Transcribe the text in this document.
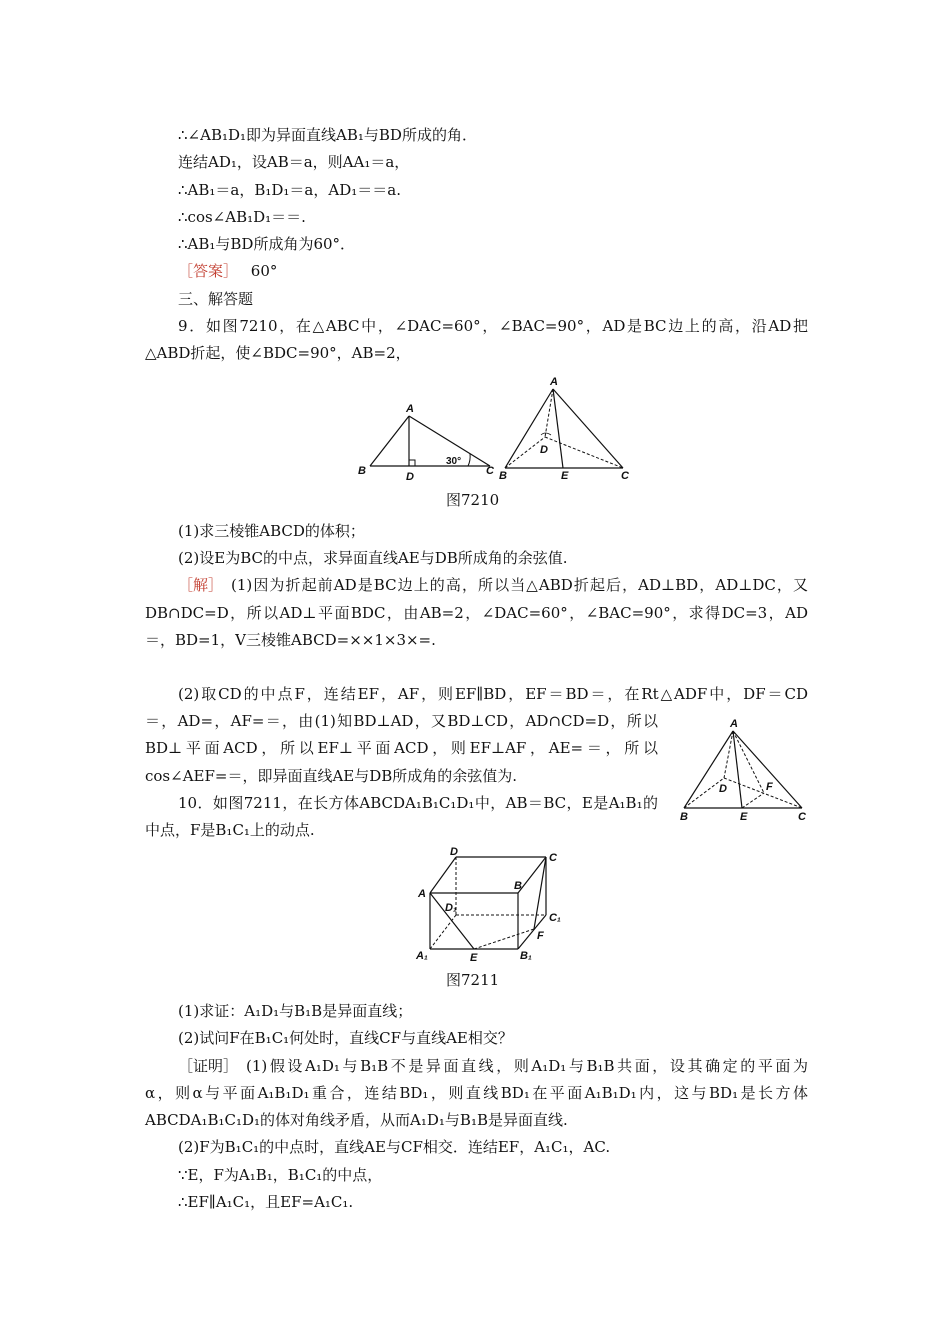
∴∠AB₁D₁即为异面直线AB₁与BD所成的角．
连结AD₁，设AB＝a，则AA₁＝a，
∴AB₁＝a，B₁D₁＝a，AD₁＝＝a.
∴cos∠AB₁D₁＝＝.
∴AB₁与BD所成角为60°．
［答案］ 60°
三、解答题
9．如图7210，在△ABC中，∠DAC=60°，∠BAC=90°，AD是BC边上的高，沿AD把
△ABD折起，使∠BDC=90°，AB=2，
A
B	C
D
30°
A
B	C
D
E
图7210
(1)求三棱锥ABCD的体积；
(2)设E为BC的中点，求异面直线AE与DB所成角的余弦值.
［解］ (1)因为折起前AD是BC边上的高，所以当△ABD折起后，AD⊥BD，AD⊥DC，又
DB∩DC=D，所以AD⊥平面BDC，由AB=2，∠DAC=60°，∠BAC=90°，求得DC=3，AD
＝，BD=1，V三棱锥ABCD=××1×3×=.
(2)取CD的中点F，连结EF，AF，则EF∥BD，EF＝BD＝，在Rt△ADF中，DF＝CD
＝，AD=，AF=＝，由(1)知BD⊥AD，又BD⊥CD，AD∩CD=D，所以
BD⊥平面ACD，所以EF⊥平面ACD，则EF⊥AF，AE=＝，所以
cos∠AEF=＝，即异面直线AE与DB所成角的余弦值为.
A
B	C
D
E
F
10．如图7211，在长方体ABCDA₁B₁C₁D₁中，AB＝BC，E是A₁B₁的
中点，F是B₁C₁上的动点.
A
B
C
D
A₁	B₁
C₁
D₁
E
F
图7211
(1)求证：A₁D₁与B₁B是异面直线；
(2)试问F在B₁C₁何处时，直线CF与直线AE相交？
［证明］ (1)假设A₁D₁与B₁B不是异面直线，则A₁D₁与B₁B共面，设其确定的平面为
α，则α与平面A₁B₁D₁重合，连结BD₁，则直线BD₁在平面A₁B₁D₁内，这与BD₁是长方体
ABCDA₁B₁C₁D₁的体对角线矛盾，从而A₁D₁与B₁B是异面直线.
(2)F为B₁C₁的中点时，直线AE与CF相交．连结EF，A₁C₁，AC.
∵E，F为A₁B₁，B₁C₁的中点，
∴EF∥A₁C₁，且EF=A₁C₁.
